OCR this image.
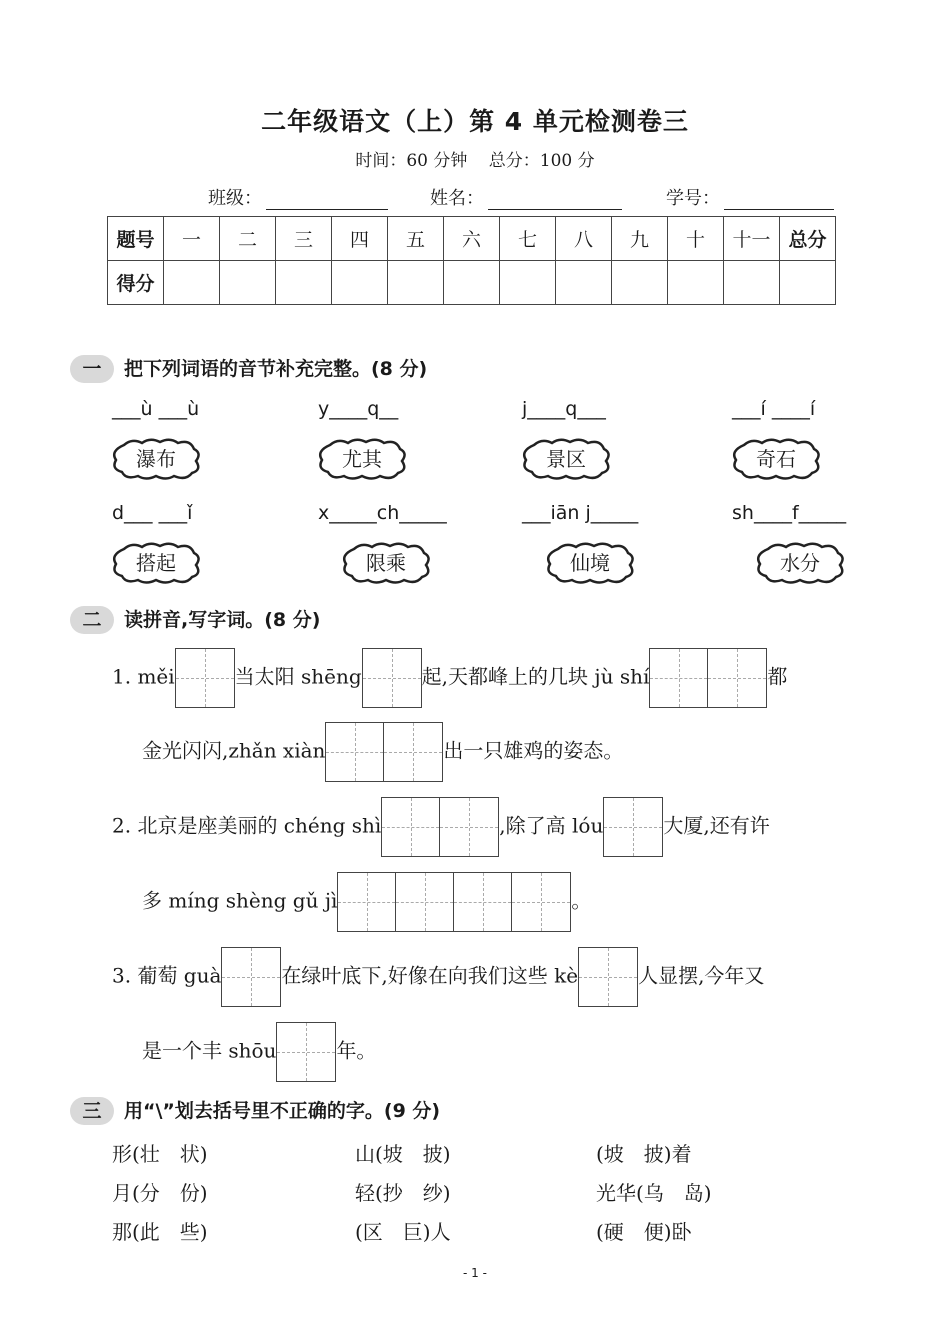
二年级语文（上）第 4 单元检测卷三
时间：60 分钟 总分：100 分
班级：	姓名：	学号：
题号	一	二	三	四	五	六	七	八	九	十	十一	总分
得分												
一 把下列词语的音节补充完整。(8 分)
___ù ___ù	y____q__	j____q___	___í ____í
瀑布	尤其	景区	奇石
d___ ___ǐ	x_____ch_____	___iān j_____	sh____f_____
搭起	限乘	仙境	水分
二 读拼音,写字词。(8 分)
1. měi	当太阳 shēng	起,天都峰上的几块 jù shí	都
金光闪闪,zhǎn xiàn	出一只雄鸡的姿态。
2. 北京是座美丽的 chéng shì	,除了高 lóu	大厦,还有许
多 míng shèng gǔ jì	。
3. 葡萄 guà	在绿叶底下,好像在向我们这些 kè	人显摆,今年又
是一个丰 shōu	年。
三 用“\”划去括号里不正确的字。(9 分)
形(壮　状)	山(坡　披)	(坡　披)着
月(分　份)	轻(抄　纱)	光华(乌　岛)
那(此　些)	(区　巨)人	(硬　便)卧
- 1 -
